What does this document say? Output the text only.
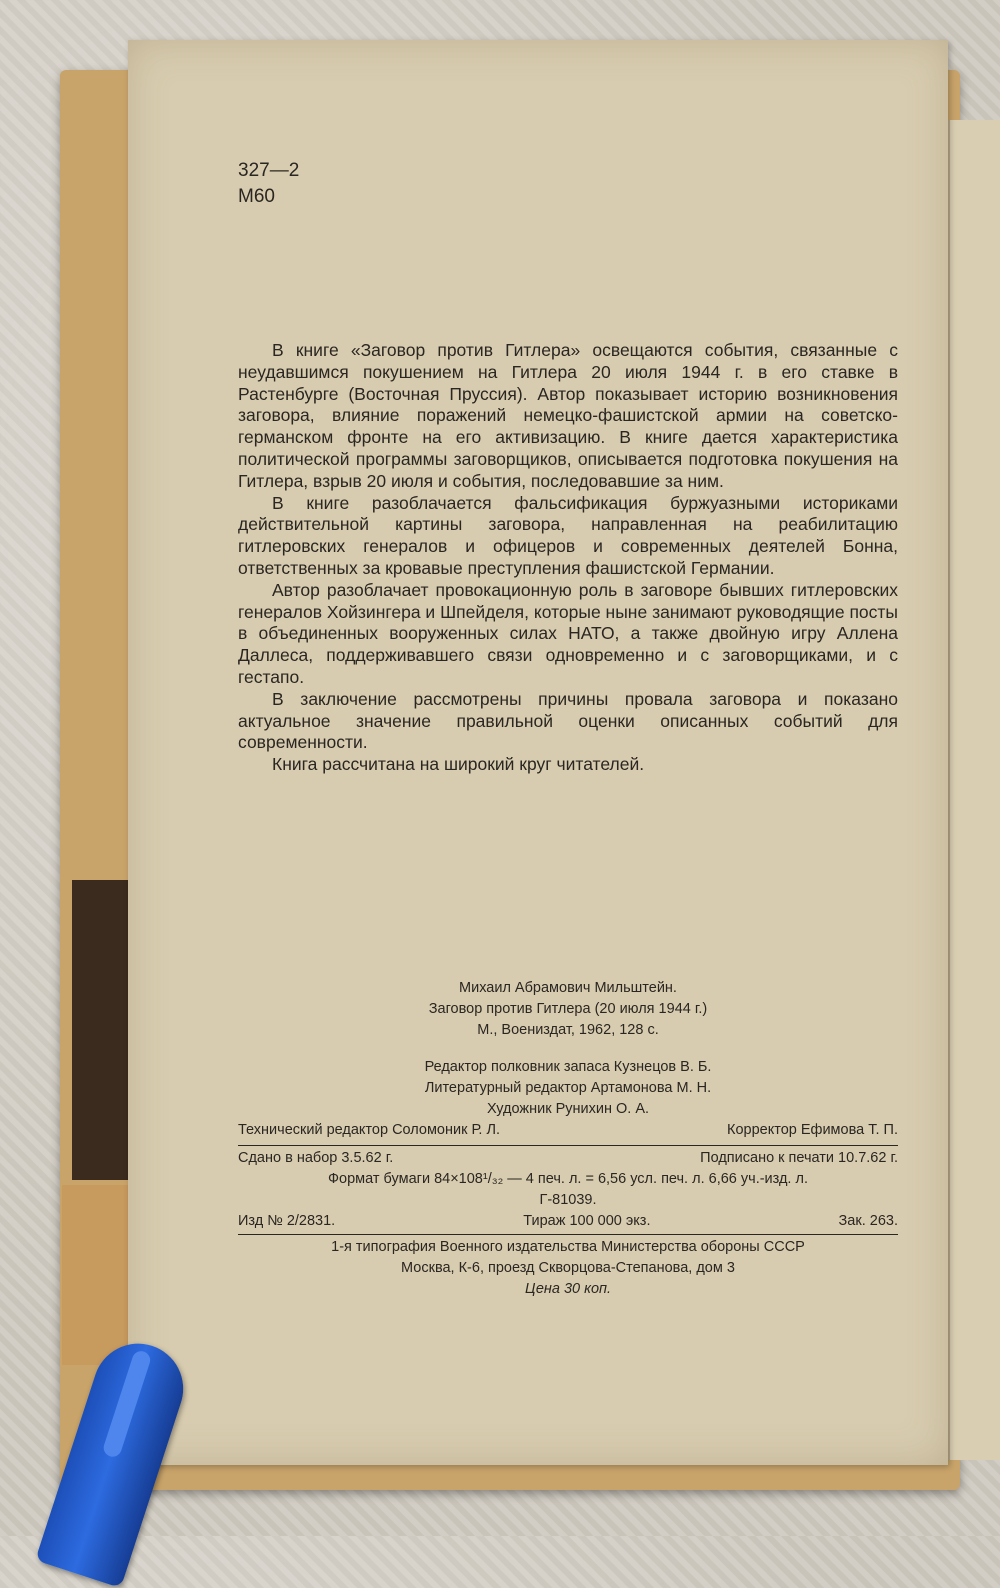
327—2
М60

В книге «Заговор против Гитлера» освещаются события, связанные с неудавшимся покушением на Гитлера 20 июля 1944 г. в его ставке в Растенбурге (Восточная Пруссия). Автор показывает историю возникновения заговора, влияние поражений немецко-фашистской армии на советско-германском фронте на его активизацию. В книге дается характеристика политической программы заговорщиков, описывается подготовка покушения на Гитлера, взрыв 20 июля и события, последовавшие за ним.

В книге разоблачается фальсификация буржуазными историками действительной картины заговора, направленная на реабилитацию гитлеровских генералов и офицеров и современных деятелей Бонна, ответственных за кровавые преступления фашистской Германии.

Автор разоблачает провокационную роль в заговоре бывших гитлеровских генералов Хойзингера и Шпейделя, которые ныне занимают руководящие посты в объединенных вооруженных силах НАТО, а также двойную игру Аллена Даллеса, поддерживавшего связи одновременно и с заговорщиками, и с гестапо.

В заключение рассмотрены причины провала заговора и показано актуальное значение правильной оценки описанных событий для современности.

Книга рассчитана на широкий круг читателей.

Михаил Абрамович Мильштейн.
Заговор против Гитлера (20 июля 1944 г.)
М., Воениздат, 1962, 128 с.
Редактор полковник запаса Кузнецов В. Б.
Литературный редактор Артамонова М. Н.
Художник Рунихин О. А.
Технический редактор Соломоник Р. Л.	Корректор Ефимова Т. П.
Сдано в набор 3.5.62 г.	Подписано к печати 10.7.62 г.
Формат бумаги 84×108¹/₃₂ — 4 печ. л. = 6,56 усл. печ. л. 6,66 уч.-изд. л.
Г-81039.
Изд № 2/2831.	Тираж 100 000 экз.	Зак. 263.
1-я типография Военного издательства Министерства обороны СССР
Москва, К-6, проезд Скворцова-Степанова, дом 3
Цена 30 коп.
